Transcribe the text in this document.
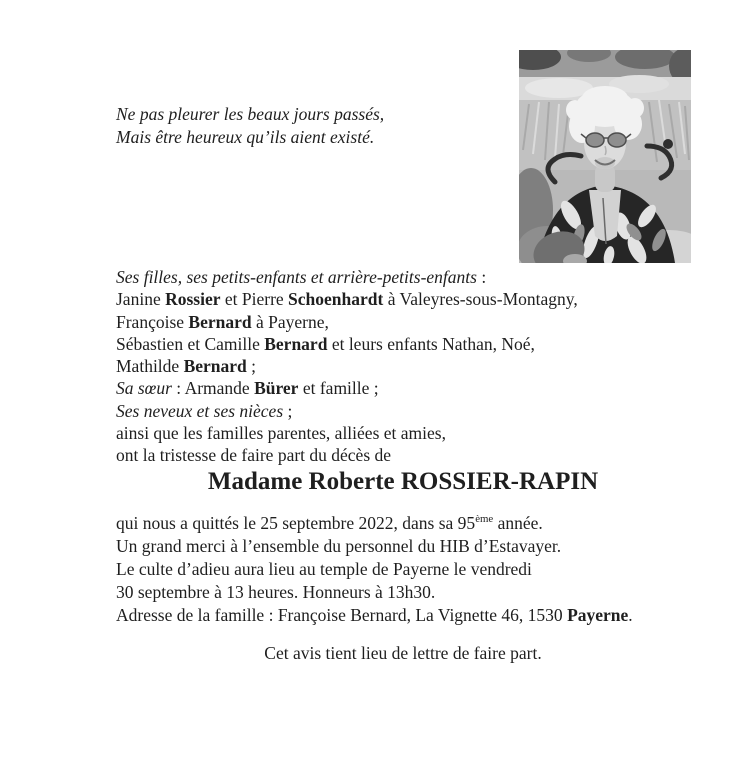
Ne pas pleurer les beaux jours passés,
Mais être heureux qu’ils aient existé.
Ses filles, ses petits-enfants et arrière-petits-enfants :
Janine Rossier et Pierre Schoenhardt à Valeyres-sous-Montagny,
Françoise Bernard à Payerne,
Sébastien et Camille Bernard et leurs enfants Nathan, Noé,
Mathilde Bernard ;
Sa sœur : Armande Bürer et famille ;
Ses neveux et ses nièces ;
ainsi que les familles parentes, alliées et amies,
ont la tristesse de faire part du décès de
Madame Roberte ROSSIER-RAPIN
qui nous a quittés le 25 septembre 2022, dans sa 95ème année.
Un grand merci à l’ensemble du personnel du HIB d’Estavayer.
Le culte d’adieu aura lieu au temple de Payerne le vendredi
30 septembre à 13 heures. Honneurs à 13h30.
Adresse de la famille : Françoise Bernard, La Vignette 46, 1530 Payerne.
Cet avis tient lieu de lettre de faire part.
